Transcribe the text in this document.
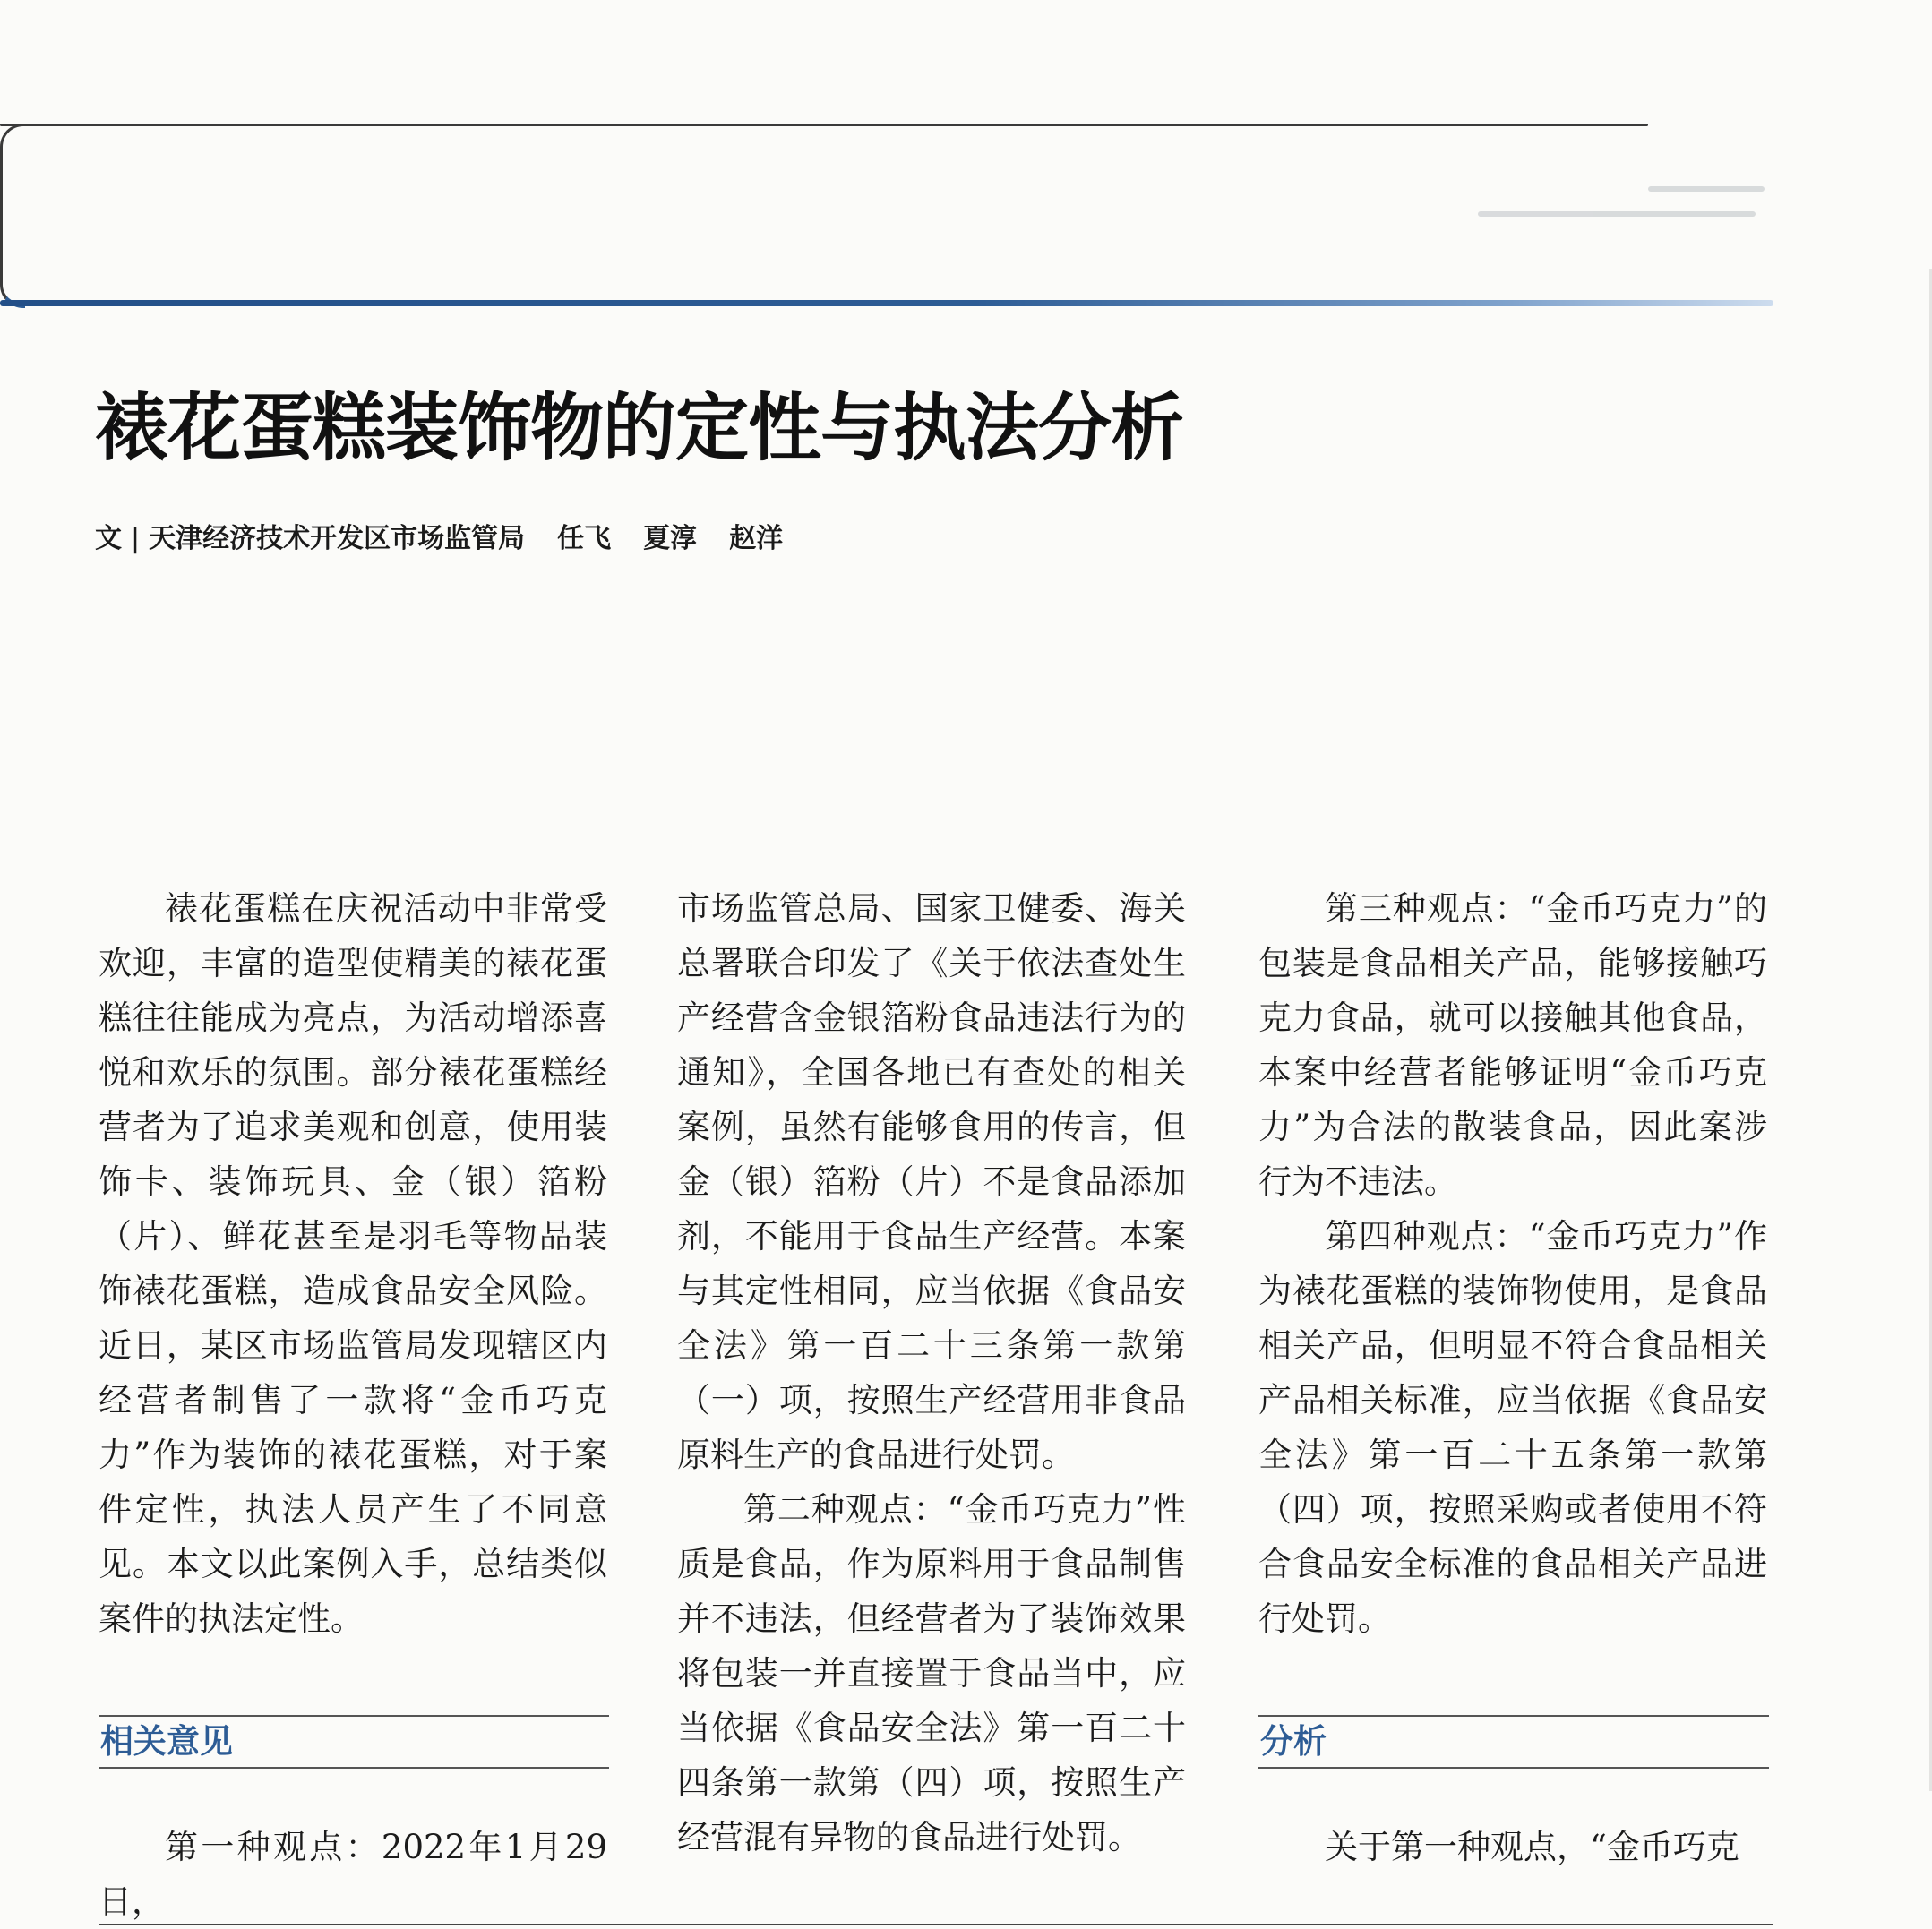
裱花蛋糕装饰物的定性与执法分析
文 | 天津经济技术开发区市场监管局 任飞 夏淳 赵洋

裱花蛋糕在庆祝活动中非常受欢迎，丰富的造型使精美的裱花蛋糕往往能成为亮点，为活动增添喜悦和欢乐的氛围。部分裱花蛋糕经营者为了追求美观和创意，使用装饰卡、装饰玩具、金（银）箔粉（片）、鲜花甚至是羽毛等物品装饰裱花蛋糕，造成食品安全风险。近日，某区市场监管局发现辖区内经营者制售了一款将“金币巧克力”作为装饰的裱花蛋糕，对于案件定性，执法人员产生了不同意见。本文以此案例入手，总结类似案件的执法定性。

相关意见

第一种观点：2022年1月29日，

市场监管总局、国家卫健委、海关总署联合印发了《关于依法查处生产经营含金银箔粉食品违法行为的通知》，全国各地已有查处的相关案例，虽然有能够食用的传言，但金（银）箔粉（片）不是食品添加剂，不能用于食品生产经营。本案与其定性相同，应当依据《食品安全法》第一百二十三条第一款第（一）项，按照生产经营用非食品原料生产的食品进行处罚。

第二种观点：“金币巧克力”性质是食品，作为原料用于食品制售并不违法，但经营者为了装饰效果将包装一并直接置于食品当中，应当依据《食品安全法》第一百二十四条第一款第（四）项，按照生产经营混有异物的食品进行处罚。

第三种观点：“金币巧克力”的包装是食品相关产品，能够接触巧克力食品，就可以接触其他食品，本案中经营者能够证明“金币巧克力”为合法的散装食品，因此案涉行为不违法。

第四种观点：“金币巧克力”作为裱花蛋糕的装饰物使用，是食品相关产品，但明显不符合食品相关产品相关标准，应当依据《食品安全法》第一百二十五条第一款第（四）项，按照采购或者使用不符合食品安全标准的食品相关产品进行处罚。

分析

关于第一种观点，“金币巧克
